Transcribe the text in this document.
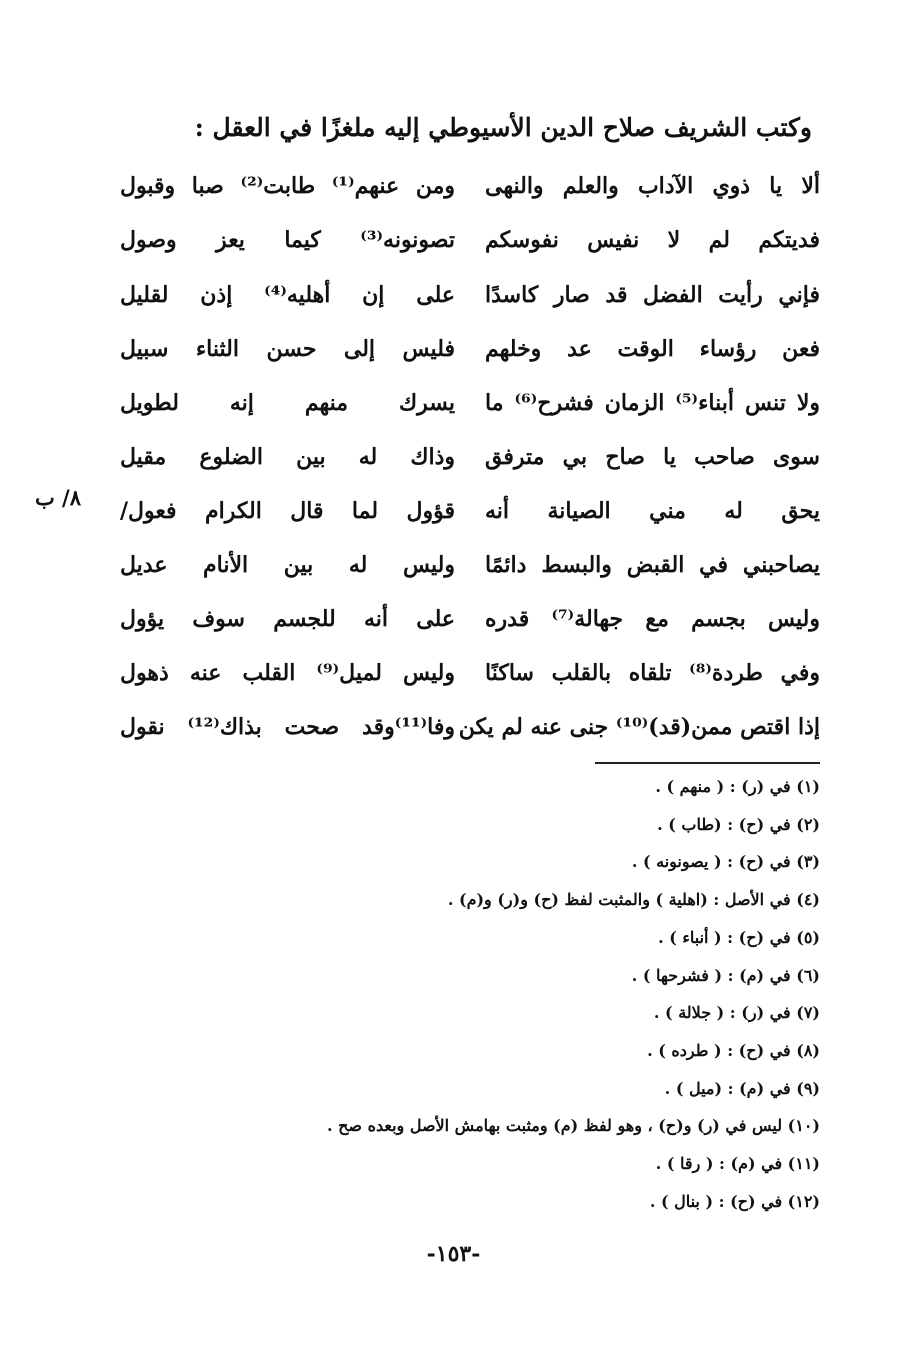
وكتب الشريف صلاح الدين الأسيوطي إليه ملغزًا في العقل :
ألا يا ذوي الآداب والعلم والنهى
ومن عنهم⁽¹⁾ طابت⁽²⁾ صبا وقبول
فديتكم لم لا نفيس نفوسكم
تصونونه⁽³⁾ كيما يعز وصول
فإني رأيت الفضل قد صار كاسدًا
على إن أهليه⁽⁴⁾ إذن لقليل
فعن رؤساء الوقت عد وخلهم
فليس إلى حسن الثناء سبيل
ولا تنس أبناء⁽⁵⁾ الزمان فشرح⁽⁶⁾ ما
يسرك منهم إنه لطويل
سوى صاحب يا صاح بي مترفق
وذاك له بين الضلوع مقيل
يحق له مني الصيانة أنه
قؤول لما قال الكرام فعول/
يصاحبني في القبض والبسط دائمًا
وليس له بين الأنام عديل
وليس بجسم مع جهالة⁽⁷⁾ قدره
على أنه للجسم سوف يؤول
وفي طردة⁽⁸⁾ تلقاه بالقلب ساكنًا
وليس لميل⁽⁹⁾ القلب عنه ذهول
إذا اقتص ممن(قد)⁽¹⁰⁾ جنى عنه لم يكن
وفا⁽¹¹⁾وقد صحت بذاك⁽¹²⁾ نقول
٨/ ب
(١) في (ر) : ( منهم ) .
(٢) في (ح) : (طاب ) .
(٣) في (ح) : ( يصونونه ) .
(٤) في الأصل : (اهلية ) والمثبت لفظ (ح) و(ر) و(م) .
(٥) في (ح) : ( أنباء ) .
(٦) في (م) : ( فشرحها ) .
(٧) في (ر) : ( جلالة ) .
(٨) في (ح) : ( طرده ) .
(٩) في (م) : (ميل ) .
(١٠) ليس في (ر) و(ح) ، وهو لفظ (م) ومثبت بهامش الأصل وبعده صح .
(١١) في (م) : ( رقا ) .
(١٢) في (ح) : ( بنال ) .
-١٥٣-
